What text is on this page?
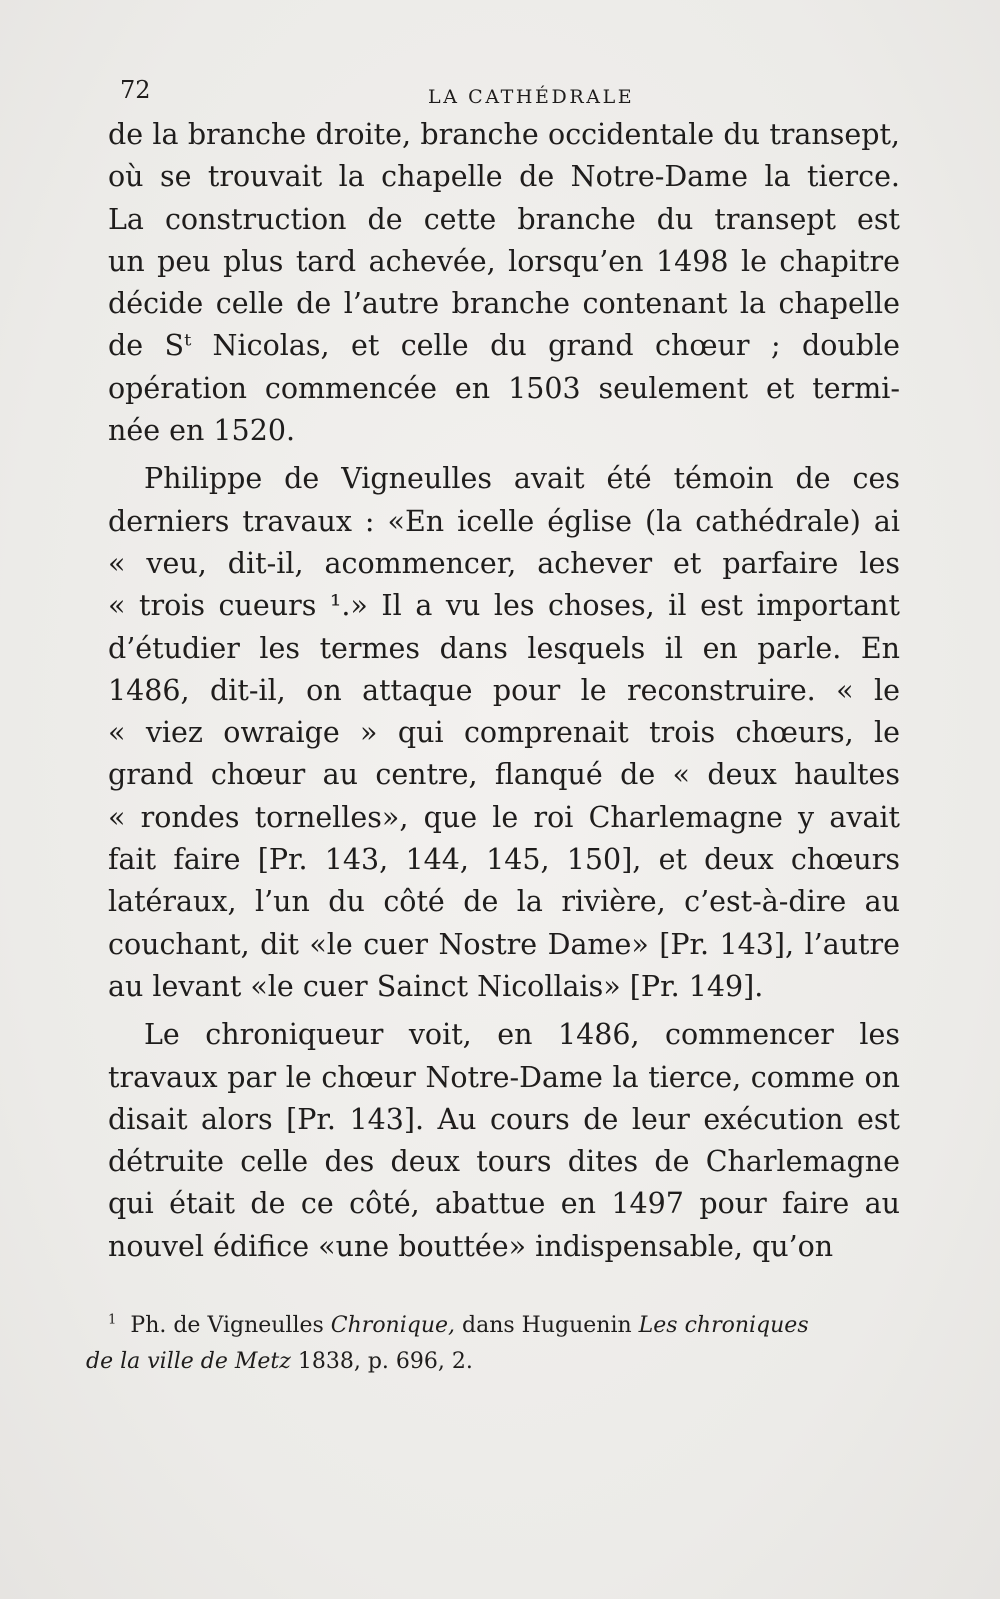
72	LA CATHÉDRALE
de la branche droite, branche occidentale du transept,
où se trouvait la chapelle de Notre-Dame la tierce.
La construction de cette branche du transept est
un peu plus tard achevée, lorsqu’en 1498 le chapitre
décide celle de l’autre branche contenant la chapelle
de Sᵗ Nicolas, et celle du grand chœur ; double
opération commencée en 1503 seulement et termi-
née en 1520.
Philippe de Vigneulles avait été témoin de ces
derniers travaux : «En icelle église (la cathédrale) ai
« veu, dit-il, acommencer, achever et parfaire les
« trois cueurs ¹.» Il a vu les choses, il est important
d’étudier les termes dans lesquels il en parle. En
1486, dit-il, on attaque pour le reconstruire. « le
« viez owraige » qui comprenait trois chœurs, le
grand chœur au centre, flanqué de « deux haultes
« rondes tornelles», que le roi Charlemagne y avait
fait faire [Pr. 143, 144, 145, 150], et deux chœurs
latéraux, l’un du côté de la rivière, c’est-à-dire au
couchant, dit «le cuer Nostre Dame» [Pr. 143], l’autre
au levant «le cuer Sainct Nicollais» [Pr. 149].
Le chroniqueur voit, en 1486, commencer les
travaux par le chœur Notre-Dame la tierce, comme on
disait alors [Pr. 143]. Au cours de leur exécution est
détruite celle des deux tours dites de Charlemagne
qui était de ce côté, abattue en 1497 pour faire au
nouvel édifice «une bouttée» indispensable, qu’on
$^1$ Ph. de Vigneulles Chronique, dans Huguenin Les chroniques
de la ville de Metz 1838, p. 696, 2.
